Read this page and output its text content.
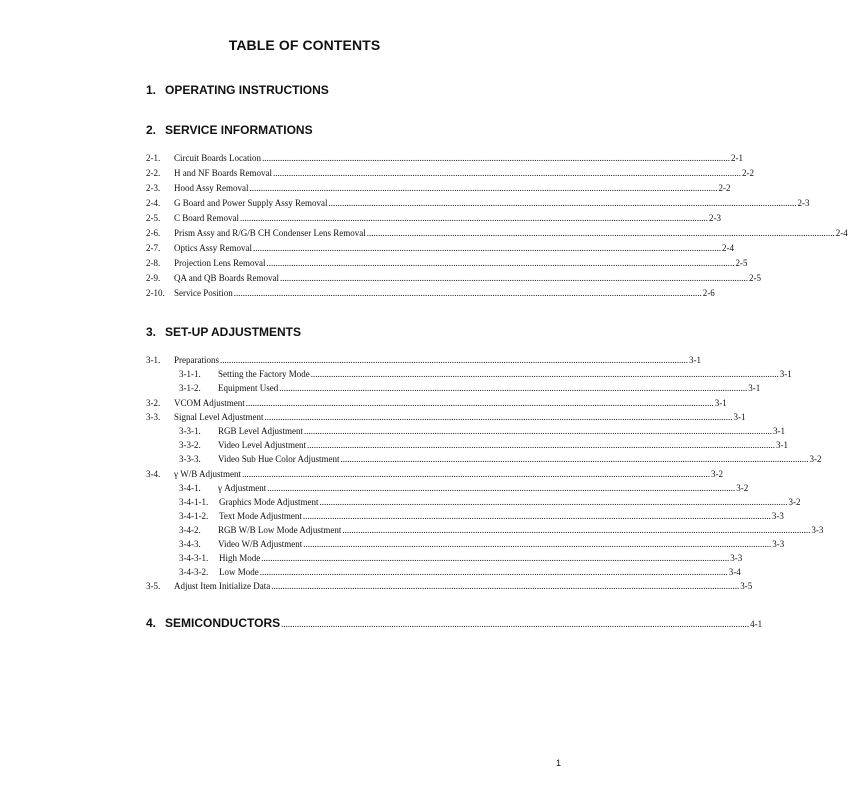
TABLE OF CONTENTS
1. OPERATING INSTRUCTIONS
2. SERVICE INFORMATIONS
2-1.	Circuit Boards Location ................................................................................................................................................................................................................ 2-1
2-2.	H and NF Boards Removal ................................................................................................................................................................................................................ 2-2
2-3.	Hood Assy Removal ................................................................................................................................................................................................................ 2-2
2-4.	G Board and Power Supply Assy Removal ................................................................................................................................................................................................................ 2-3
2-5.	C Board Removal ................................................................................................................................................................................................................ 2-3
2-6.	Prism Assy and R/G/B CH Condenser Lens Removal ................................................................................................................................................................................................................ 2-4
2-7.	Optics Assy Removal ................................................................................................................................................................................................................ 2-4
2-8.	Projection Lens Removal ................................................................................................................................................................................................................ 2-5
2-9.	QA and QB Boards Removal ................................................................................................................................................................................................................ 2-5
2-10.	Service Position ................................................................................................................................................................................................................ 2-6
3. SET-UP ADJUSTMENTS
3-1.	Preparations ................................................................................................................................................................................................................ 3-1
3-1-1.	Setting the Factory Mode ................................................................................................................................................................................................................ 3-1
3-1-2.	Equipment Used ................................................................................................................................................................................................................ 3-1
3-2.	VCOM Adjustment ................................................................................................................................................................................................................ 3-1
3-3.	Signal Level Adjustment ................................................................................................................................................................................................................ 3-1
3-3-1.	RGB Level Adjustment ................................................................................................................................................................................................................ 3-1
3-3-2.	Video Level Adjustment ................................................................................................................................................................................................................ 3-1
3-3-3.	Video Sub Hue Color Adjustment ................................................................................................................................................................................................................ 3-2
3-4.	γ W/B Adjustment ................................................................................................................................................................................................................ 3-2
3-4-1.	γ Adjustment ................................................................................................................................................................................................................ 3-2
3-4-1-1.	Graphics Mode Adjustment ................................................................................................................................................................................................................ 3-2
3-4-1-2.	Text Mode Adjustment ................................................................................................................................................................................................................ 3-3
3-4-2.	RGB W/B Low Mode Adjustment ................................................................................................................................................................................................................ 3-3
3-4-3.	Video W/B Adjustment ................................................................................................................................................................................................................ 3-3
3-4-3-1.	High Mode ................................................................................................................................................................................................................ 3-3
3-4-3-2.	Low Mode ................................................................................................................................................................................................................ 3-4
3-5.	Adjust Item Initialize Data ................................................................................................................................................................................................................ 3-5
4. SEMICONDUCTORS ................................................................................................................................................................................................................ 4-1
1
